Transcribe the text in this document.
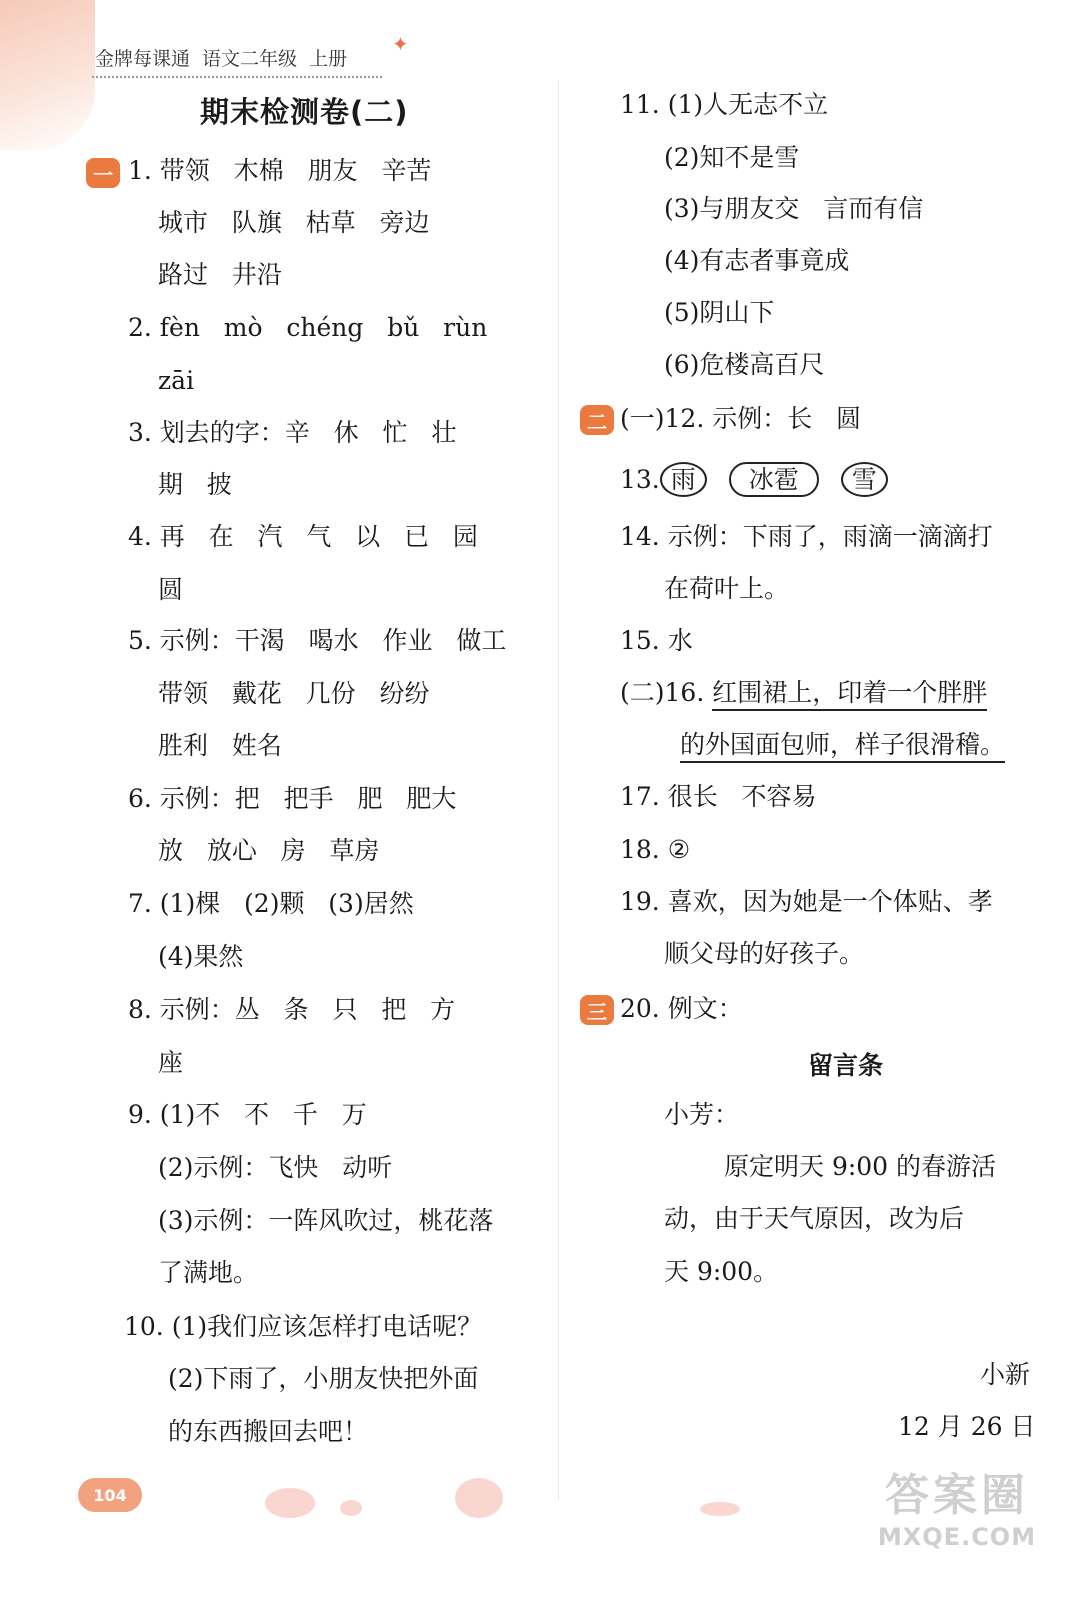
金牌每课通 语文二年级 上册
✦
期末检测卷(二)
一 1. 带领   木棉   朋友   辛苦
城市   队旗   枯草   旁边
路过   井沿
2. fèn   mò   chéng   bǔ   rùn
zāi
3. 划去的字：辛   休   忙   壮
期   披
4. 再   在   汽   气   以   已   园
圆
5. 示例：干渴   喝水   作业   做工
带领   戴花   几份   纷纷
胜利   姓名
6. 示例：把   把手   肥   肥大
放   放心   房   草房
7. (1)棵   (2)颗   (3)居然
(4)果然
8. 示例：丛   条   只   把   方
座
9. (1)不   不   千   万
(2)示例：飞快   动听
(3)示例：一阵风吹过，桃花落
了满地。
10. (1)我们应该怎样打电话呢？
(2)下雨了，小朋友快把外面
的东西搬回去吧！
11. (1)人无志不立
(2)知不是雪
(3)与朋友交   言而有信
(4)有志者事竟成
(5)阴山下
(6)危楼高百尺
二 (一)12. 示例：长   圆
13. 雨 冰雹 雪
14. 示例：下雨了，雨滴一滴滴打
在荷叶上。
15. 水
(二)16. 红围裙上，印着一个胖胖
的外国面包师，样子很滑稽。
17. 很长   不容易
18. ②
19. 喜欢，因为她是一个体贴、孝
顺父母的好孩子。
三 20. 例文：
留言条
小芳：
原定明天 9:00 的春游活
动，由于天气原因，改为后
天 9:00。
小新
12 月 26 日
104	答案圈
MXQE.COM
